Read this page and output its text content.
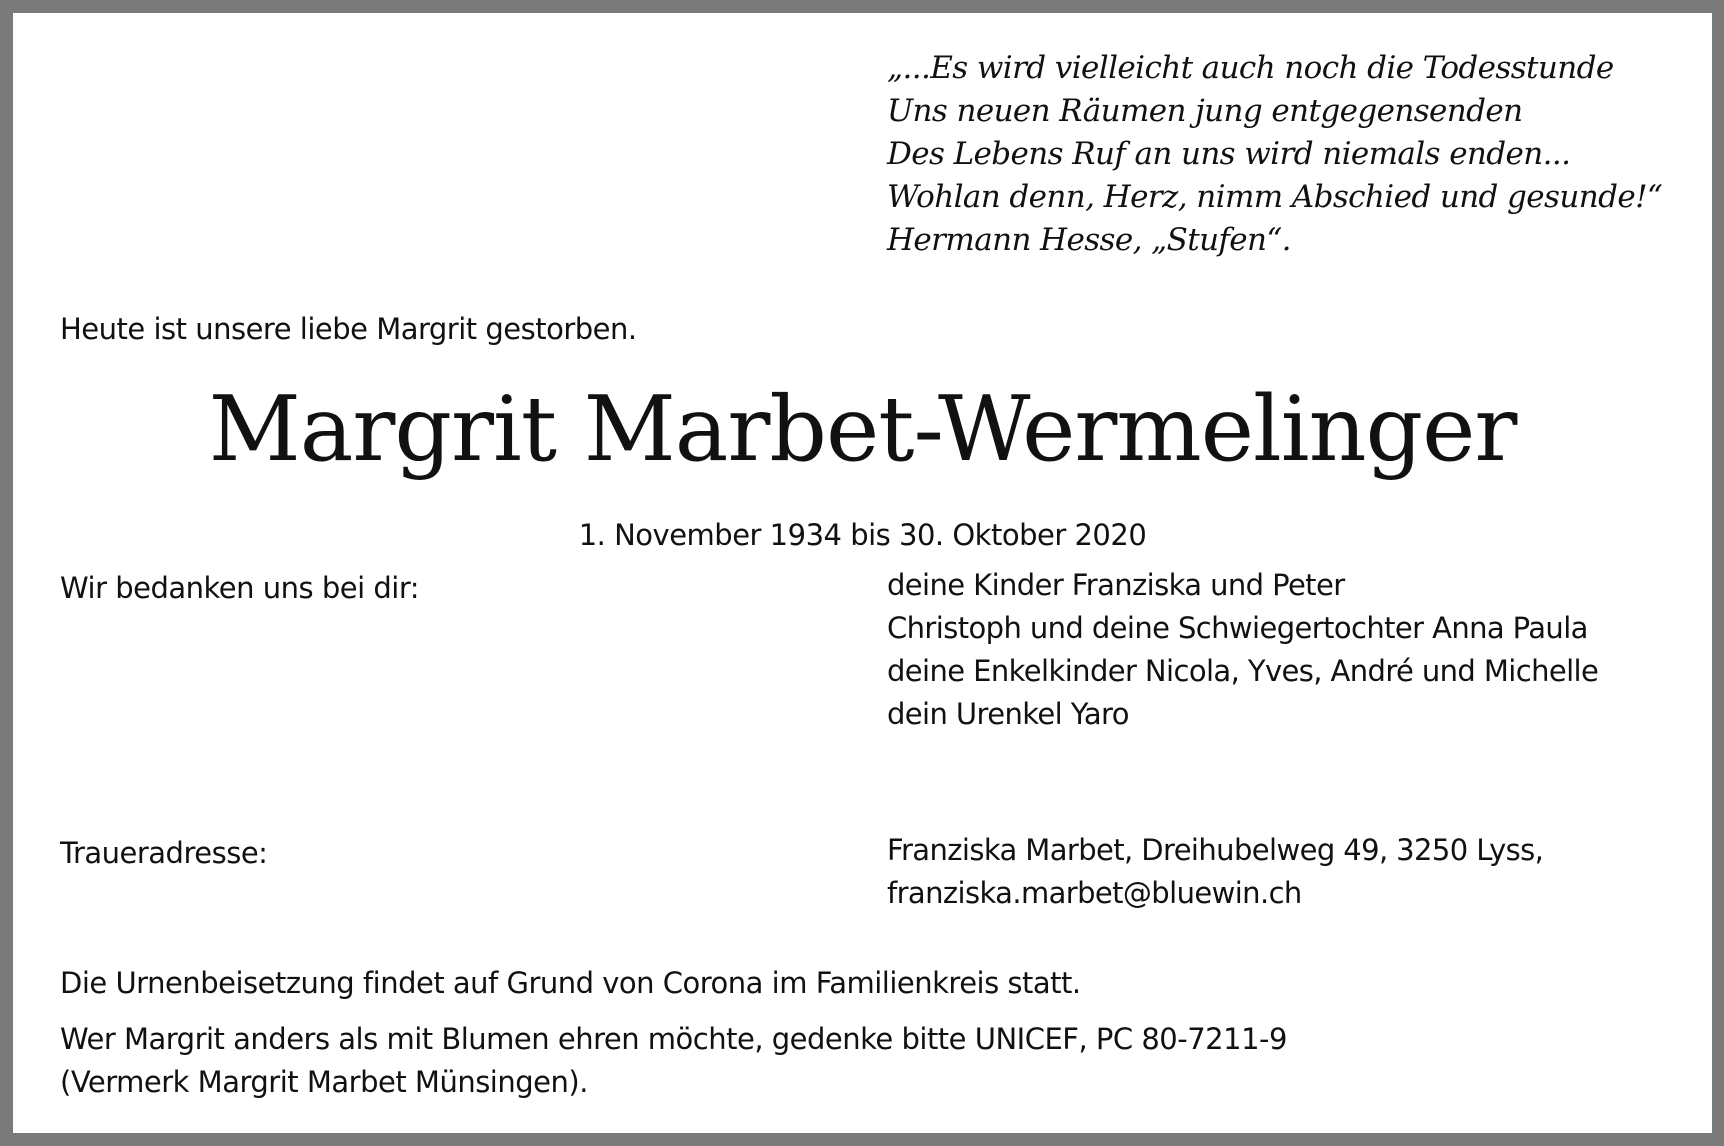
„...Es wird vielleicht auch noch die Todesstunde
Uns neuen Räumen jung entgegensenden
Des Lebens Ruf an uns wird niemals enden...
Wohlan denn, Herz, nimm Abschied und gesunde!“
Hermann Hesse, „Stufen“.
Heute ist unsere liebe Margrit gestorben.
Margrit Marbet-Wermelinger
1. November 1934 bis 30. Oktober 2020
Wir bedanken uns bei dir:	deine Kinder Franziska und Peter
Christoph und deine Schwiegertochter Anna Paula
deine Enkelkinder Nicola, Yves, André und Michelle
dein Urenkel Yaro
Traueradresse:	Franziska Marbet, Dreihubelweg 49, 3250 Lyss,
franziska.marbet@bluewin.ch
Die Urnenbeisetzung findet auf Grund von Corona im Familienkreis statt.
Wer Margrit anders als mit Blumen ehren möchte, gedenke bitte UNICEF, PC 80-7211-9
(Vermerk Margrit Marbet Münsingen).
